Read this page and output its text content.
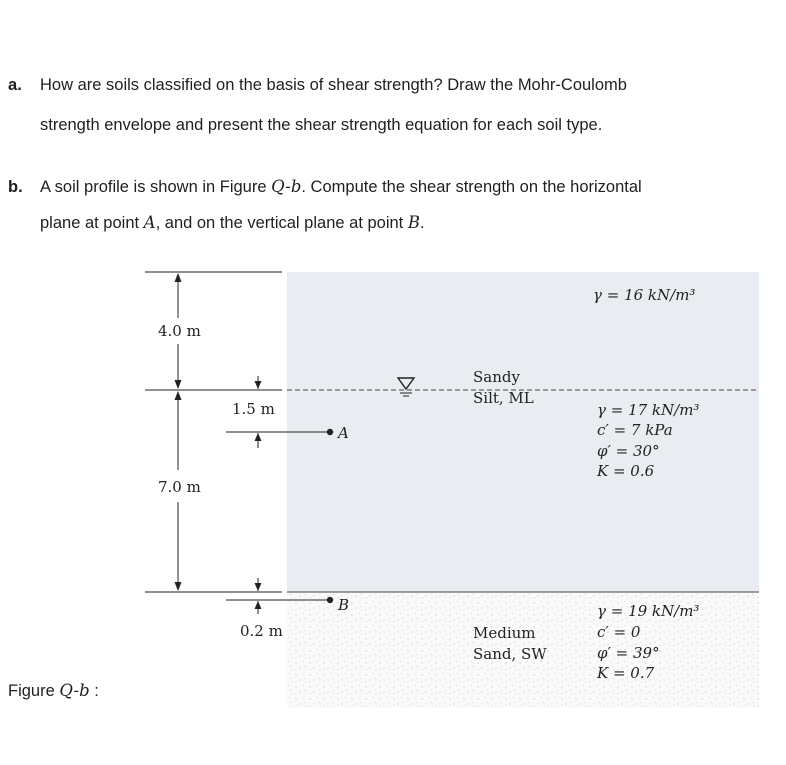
a. How are soils classified on the basis of shear strength? Draw the Mohr-Coulomb
strength envelope and present the shear strength equation for each soil type.
b. A soil profile is shown in Figure Q-b. Compute the shear strength on the horizontal
plane at point A, and on the vertical plane at point B.
4.0 m
7.0 m
1.5 m
0.2 m
A
B
Sandy
Silt, ML
γ = 16 kN/m³
γ = 17 kN/m³
c′ = 7 kPa
φ′ = 30°
K = 0.6
Medium
Sand, SW
γ = 19 kN/m³
c′ = 0
φ′ = 39°
K = 0.7
Figure Q-b :
